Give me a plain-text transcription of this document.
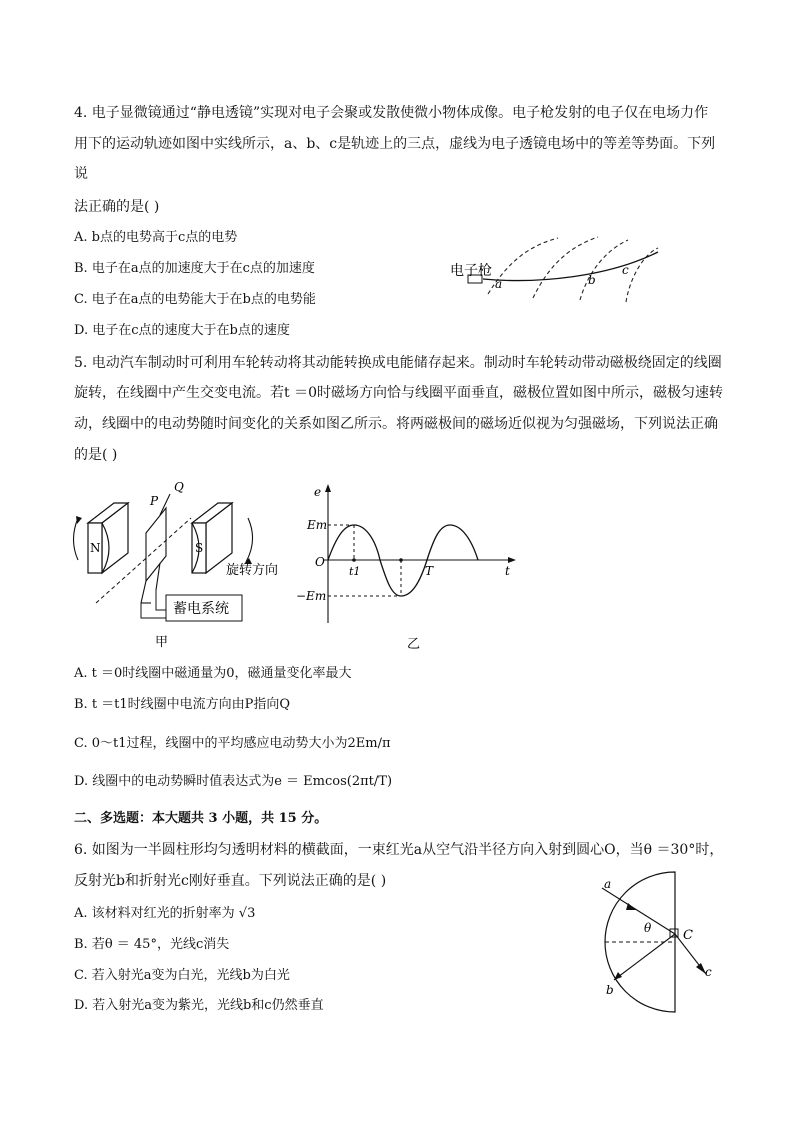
4. 电子显微镜通过“静电透镜”实现对电子会聚或发散使微小物体成像。电子枪发射的电子仅在电场力作
用下的运动轨迹如图中实线所示，a、b、c是轨迹上的三点，虚线为电子透镜电场中的等差等势面。下列
说
法正确的是( )
A. b点的电势高于c点的电势
B. 电子在a点的加速度大于在c点的加速度
C. 电子在a点的电势能大于在b点的电势能
D. 电子在c点的速度大于在b点的速度
电子枪
a	b
c
5. 电动汽车制动时可利用车轮转动将其动能转换成电能储存起来。制动时车轮转动带动磁极绕固定的线圈
旋转，在线圈中产生交变电流。若t ＝0时磁场方向恰与线圈平面垂直，磁极位置如图中所示，磁极匀速转
动，线圈中的电动势随时间变化的关系如图乙所示。将两磁极间的磁场近似视为匀强磁场，下列说法正确
的是( )
N	S
蓄电系统
P
Q
旋转方向
甲
e
t
O
Em
−Em
t1	T
乙
A. t ＝0时线圈中磁通量为0，磁通量变化率最大
B. t ＝t1时线圈中电流方向由P指向Q
C. 0～t1过程，线圈中的平均感应电动势大小为2Em/π
D. 线圈中的电动势瞬时值表达式为e ＝ Emcos(2πt/T)
二、多选题：本大题共 3 小题，共 15 分。
6. 如图为一半圆柱形均匀透明材料的横截面，一束红光a从空气沿半径方向入射到圆心O，当θ ＝30°时，
反射光b和折射光c刚好垂直。下列说法正确的是( )
A. 该材料对红光的折射率为 √3
B. 若θ ＝ 45°，光线c消失
C. 若入射光a变为白光，光线b为白光
D. 若入射光a变为紫光，光线b和c仍然垂直
a
b
c
θ C
